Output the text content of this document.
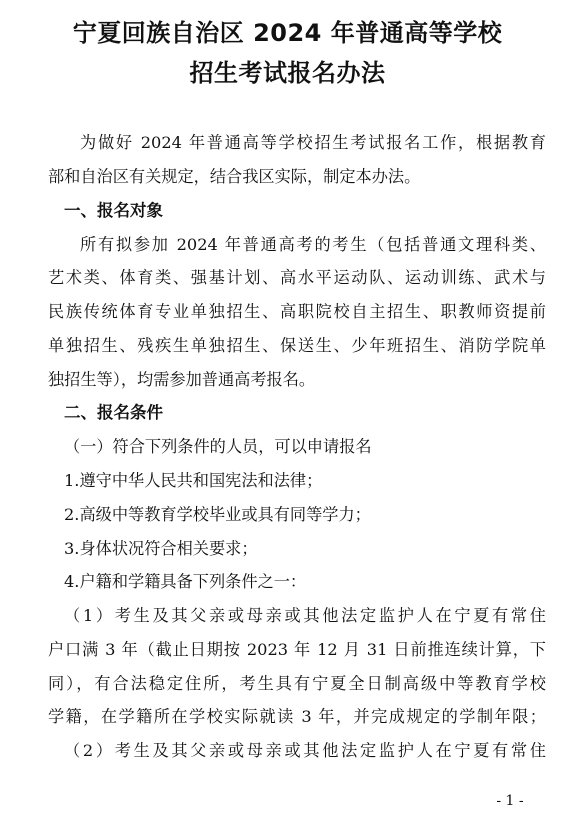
宁夏回族自治区 2024 年普通高等学校
招生考试报名办法
为做好 2024 年普通高等学校招生考试报名工作，根据教育
部和自治区有关规定，结合我区实际，制定本办法。
一、报名对象
所有拟参加 2024 年普通高考的考生（包括普通文理科类、
艺术类、体育类、强基计划、高水平运动队、运动训练、武术与
民族传统体育专业单独招生、高职院校自主招生、职教师资提前
单独招生、残疾生单独招生、保送生、少年班招生、消防学院单
独招生等），均需参加普通高考报名。
二、报名条件
（一）符合下列条件的人员，可以申请报名
1.遵守中华人民共和国宪法和法律；
2.高级中等教育学校毕业或具有同等学力；
3.身体状况符合相关要求；
4.户籍和学籍具备下列条件之一：
（1）考生及其父亲或母亲或其他法定监护人在宁夏有常住
户口满 3 年（截止日期按 2023 年 12 月 31 日前推连续计算，下
同），有合法稳定住所，考生具有宁夏全日制高级中等教育学校
学籍，在学籍所在学校实际就读 3 年，并完成规定的学制年限；
（2）考生及其父亲或母亲或其他法定监护人在宁夏有常住
- 1 -
